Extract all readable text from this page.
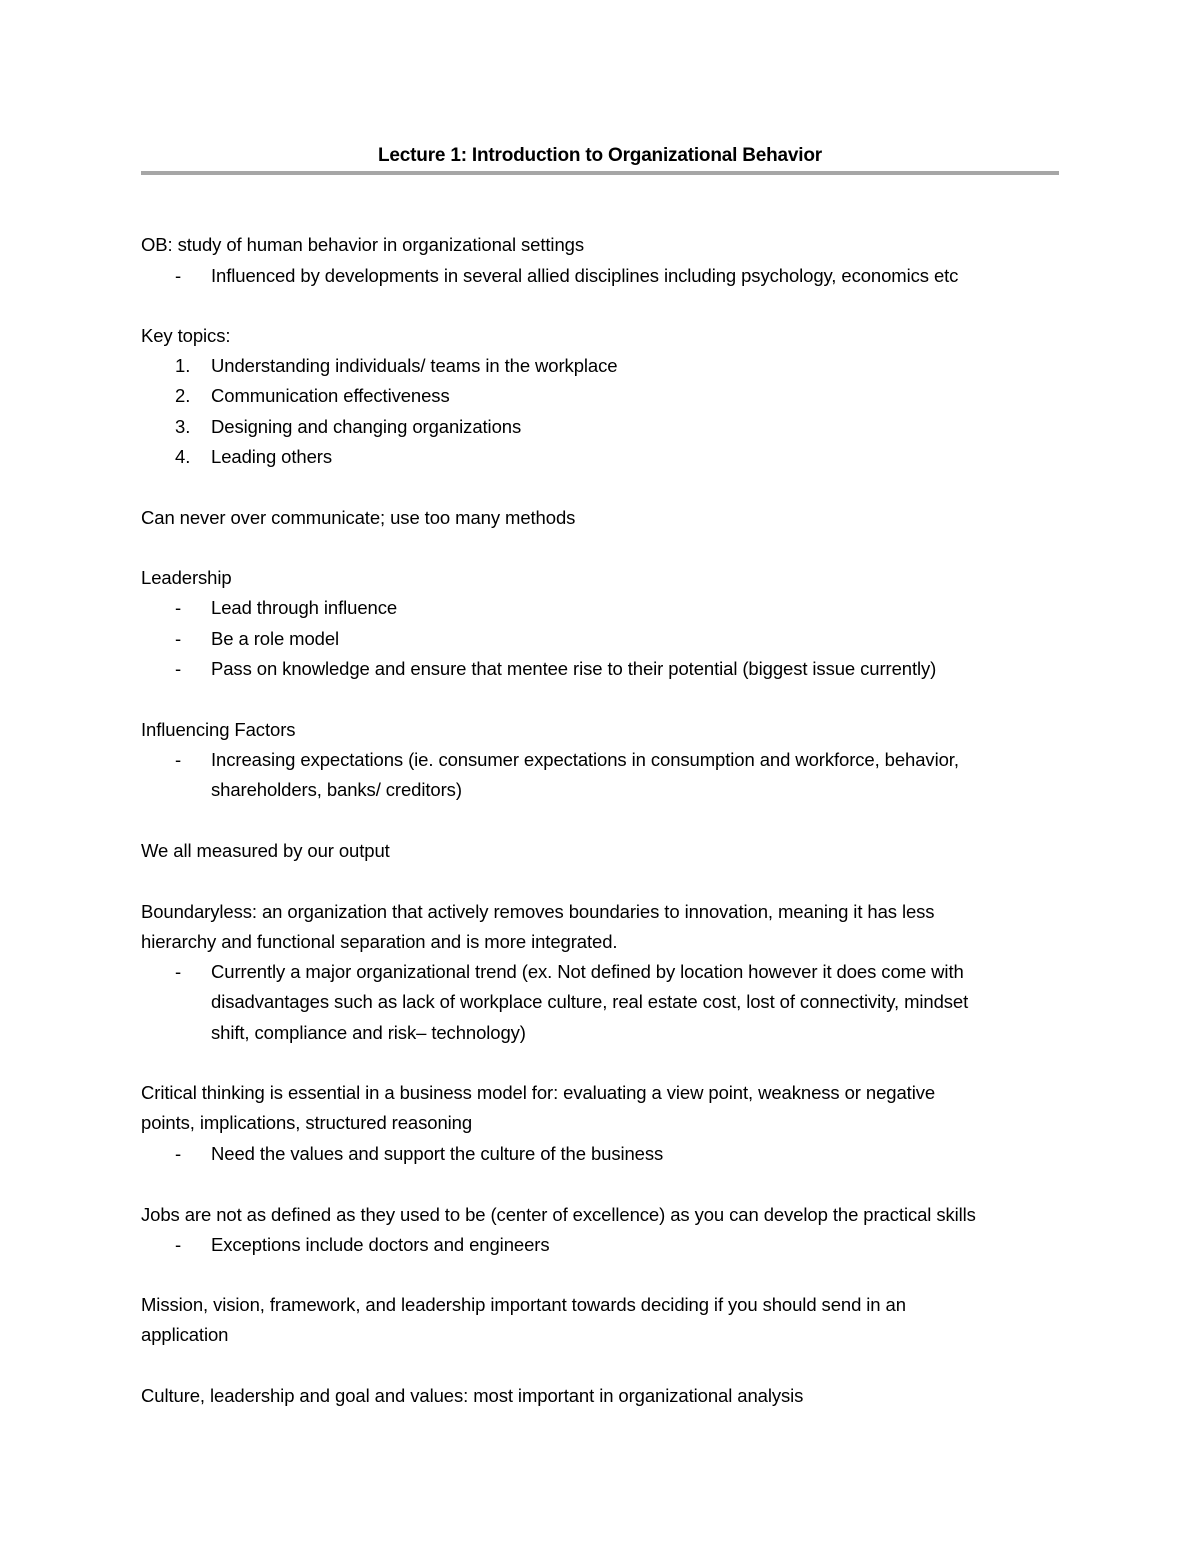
Lecture 1: Introduction to Organizational Behavior
OB: study of human behavior in organizational settings
- Influenced by developments in several allied disciplines including psychology, economics etc
Key topics:
1. Understanding individuals/ teams in the workplace
2. Communication effectiveness
3. Designing and changing organizations
4. Leading others
Can never over communicate; use too many methods
Leadership
- Lead through influence
- Be a role model
- Pass on knowledge and ensure that mentee rise to their potential (biggest issue currently)
Influencing Factors
- Increasing expectations (ie. consumer expectations in consumption and workforce, behavior,
shareholders, banks/ creditors)
We all measured by our output
Boundaryless: an organization that actively removes boundaries to innovation, meaning it has less
hierarchy and functional separation and is more integrated.
- Currently a major organizational trend (ex. Not defined by location however it does come with
disadvantages such as lack of workplace culture, real estate cost, lost of connectivity, mindset
shift, compliance and risk– technology)
Critical thinking is essential in a business model for: evaluating a view point, weakness or negative
points, implications, structured reasoning
- Need the values and support the culture of the business
Jobs are not as defined as they used to be (center of excellence) as you can develop the practical skills
- Exceptions include doctors and engineers
Mission, vision, framework, and leadership important towards deciding if you should send in an
application
Culture, leadership and goal and values: most important in organizational analysis
